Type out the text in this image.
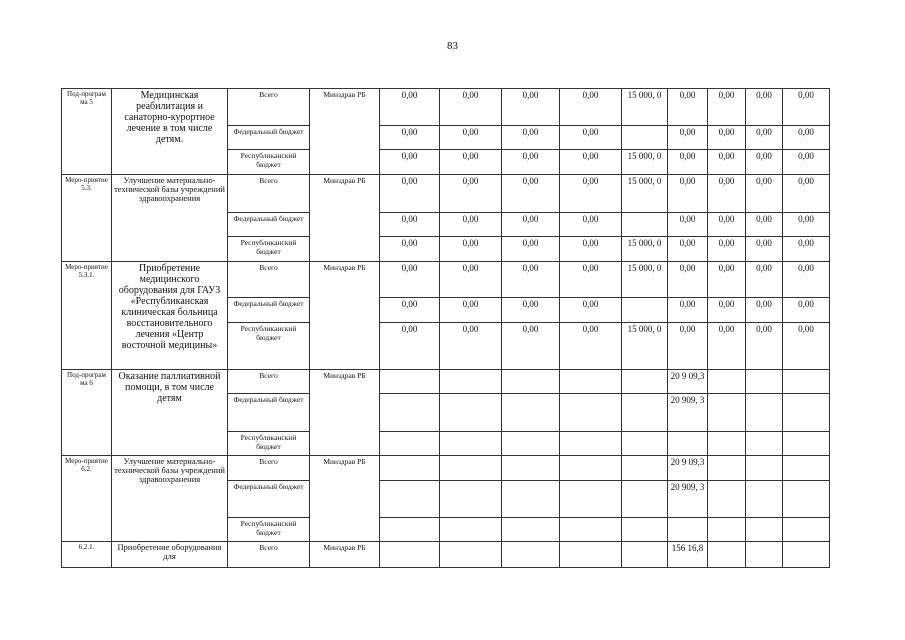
83
Под-програм ма 5	Медицинская реабилитация и санаторно-курортное лечение в том числе детям.	Всего	Минздрав РБ	0,00	0,00	0,00	0,00	15 000, 0	0,00	0,00	0,00	0,00
		Федеральный бюджет		0,00	0,00	0,00	0,00		0,00	0,00	0,00	0,00
		Республиканский бюджет		0,00	0,00	0,00	0,00	15 000, 0	0,00	0,00	0,00	0,00
Меро-приятие 5.3.	Улучшение материально-технической базы учреждений здравоохранения	Всего	Минздрав РБ	0,00	0,00	0,00	0,00	15 000, 0	0,00	0,00	0,00	0,00
		Федеральный бюджет		0,00	0,00	0,00	0,00		0,00	0,00	0,00	0,00
		Республиканский бюджет		0,00	0,00	0,00	0,00	15 000, 0	0,00	0,00	0,00	0,00
Меро-приятие 5.3.1.	Приобретение медицинского оборудования для ГАУЗ «Республиканская клиническая больница восстановительного лечения «Центр восточной медицины»	Всего	Минздрав РБ	0,00	0,00	0,00	0,00	15 000, 0	0,00	0,00	0,00	0,00
		Федеральный бюджет		0,00	0,00	0,00	0,00		0,00	0,00	0,00	0,00
		Республиканский бюджет		0,00	0,00	0,00	0,00	15 000, 0	0,00	0,00	0,00	0,00
Под-програм ма 6	Оказание паллиативной помощи, в том числе детям	Всего	Минздрав РБ						20 9 09,3			
		Федеральный бюджет							20 909, 3			
		Республиканский бюджет										
Меро-приятие 6.2.	Улучшение материально-технической базы учреждений здравоохранения	Всего	Минздрав РБ						20 9 09,3			
		Федеральный бюджет							20 909, 3			
		Республиканский бюджет										
6.2.1.	Приобретение оборудования для	Всего	Минздрав РБ						156 16,8			
